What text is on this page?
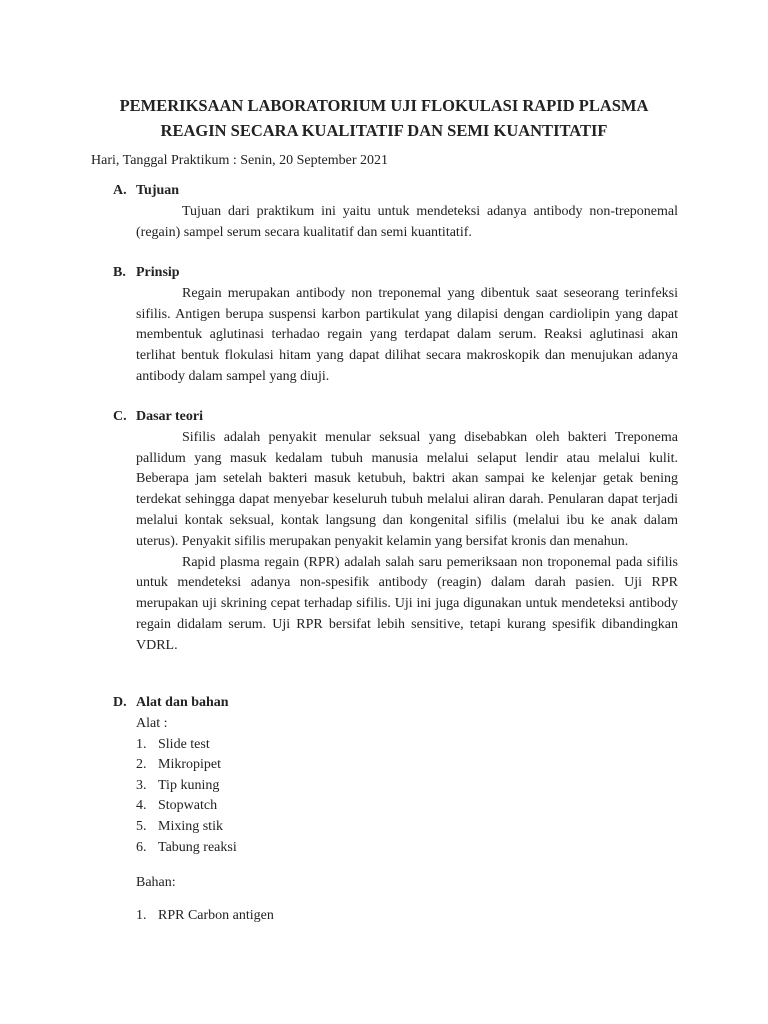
PEMERIKSAAN LABORATORIUM UJI FLOKULASI RAPID PLASMA
REAGIN SECARA KUALITATIF DAN SEMI KUANTITATIF
Hari, Tanggal Praktikum : Senin, 20 September 2021
A. Tujuan

Tujuan dari praktikum ini yaitu untuk mendeteksi adanya antibody non-treponemal (regain) sampel serum secara kualitatif dan semi kuantitatif.

B. Prinsip

Regain merupakan antibody non treponemal yang dibentuk saat seseorang terinfeksi sifilis. Antigen berupa suspensi karbon partikulat yang dilapisi dengan cardiolipin yang dapat membentuk aglutinasi terhadao regain yang terdapat dalam serum. Reaksi aglutinasi akan terlihat bentuk flokulasi hitam yang dapat dilihat secara makroskopik dan menujukan adanya antibody dalam sampel yang diuji.

C. Dasar teori

Sifilis adalah penyakit menular seksual yang disebabkan oleh bakteri Treponema pallidum yang masuk kedalam tubuh manusia melalui selaput lendir atau melalui kulit. Beberapa jam setelah bakteri masuk ketubuh, baktri akan sampai ke kelenjar getak bening terdekat sehingga dapat menyebar keseluruh tubuh melalui aliran darah. Penularan dapat terjadi melalui kontak seksual, kontak langsung dan kongenital sifilis (melalui ibu ke anak dalam uterus). Penyakit sifilis merupakan penyakit kelamin yang bersifat kronis dan menahun.

Rapid plasma regain (RPR) adalah salah saru pemeriksaan non troponemal pada sifilis untuk mendeteksi adanya non-spesifik antibody (reagin) dalam darah pasien. Uji RPR merupakan uji skrining cepat terhadap sifilis. Uji ini juga digunakan untuk mendeteksi antibody regain didalam serum. Uji RPR bersifat lebih sensitive, tetapi kurang spesifik dibandingkan VDRL.

D. Alat dan bahan
Alat :
1. Slide test
2. Mikropipet
3. Tip kuning
4. Stopwatch
5. Mixing stik
6. Tabung reaksi
Bahan:
1. RPR Carbon antigen
